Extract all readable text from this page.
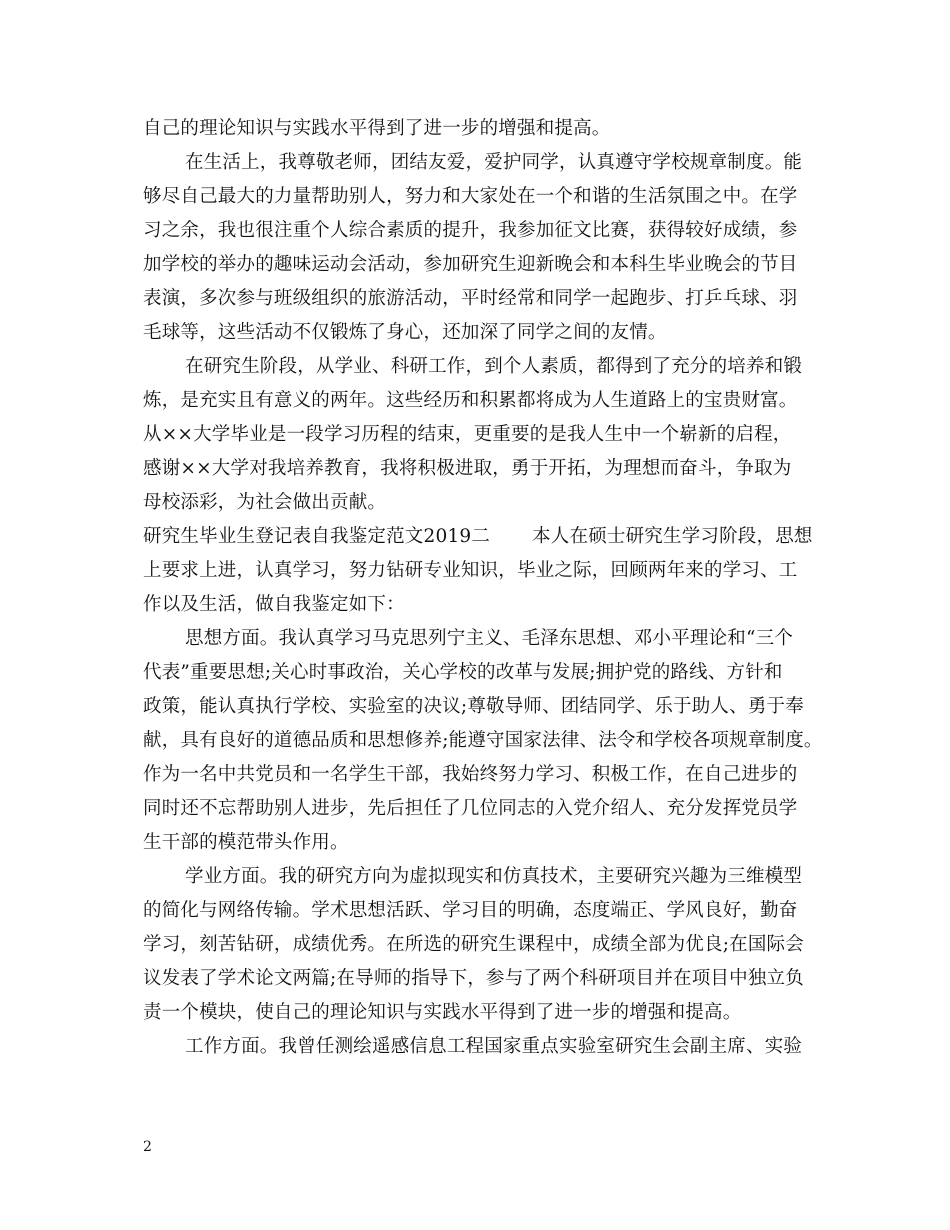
自己的理论知识与实践水平得到了进一步的增强和提高。
在生活上，我尊敬老师，团结友爱，爱护同学，认真遵守学校规章制度。能
够尽自己最大的力量帮助别人，努力和大家处在一个和谐的生活氛围之中。在学
习之余，我也很注重个人综合素质的提升，我参加征文比赛，获得较好成绩，参
加学校的举办的趣味运动会活动，参加研究生迎新晚会和本科生毕业晚会的节目
表演，多次参与班级组织的旅游活动，平时经常和同学一起跑步、打乒乓球、羽
毛球等，这些活动不仅锻炼了身心，还加深了同学之间的友情。
在研究生阶段，从学业、科研工作，到个人素质，都得到了充分的培养和锻
炼，是充实且有意义的两年。这些经历和积累都将成为人生道路上的宝贵财富。
从××大学毕业是一段学习历程的结束，更重要的是我人生中一个崭新的启程，
感谢××大学对我培养教育，我将积极进取，勇于开拓，为理想而奋斗，争取为
母校添彩，为社会做出贡献。
研究生毕业生登记表自我鉴定范文2019二 本人在硕士研究生学习阶段，思想
上要求上进，认真学习，努力钻研专业知识，毕业之际，回顾两年来的学习、工
作以及生活，做自我鉴定如下：
思想方面。我认真学习马克思列宁主义、毛泽东思想、邓小平理论和“三个
代表”重要思想;关心时事政治，关心学校的改革与发展;拥护党的路线、方针和
政策，能认真执行学校、实验室的决议;尊敬导师、团结同学、乐于助人、勇于奉
献，具有良好的道德品质和思想修养;能遵守国家法律、法令和学校各项规章制度。
作为一名中共党员和一名学生干部，我始终努力学习、积极工作，在自己进步的
同时还不忘帮助别人进步，先后担任了几位同志的入党介绍人、充分发挥党员学
生干部的模范带头作用。
学业方面。我的研究方向为虚拟现实和仿真技术，主要研究兴趣为三维模型
的简化与网络传输。学术思想活跃、学习目的明确，态度端正、学风良好，勤奋
学习，刻苦钻研，成绩优秀。在所选的研究生课程中，成绩全部为优良;在国际会
议发表了学术论文两篇;在导师的指导下，参与了两个科研项目并在项目中独立负
责一个模块，使自己的理论知识与实践水平得到了进一步的增强和提高。
工作方面。我曾任测绘遥感信息工程国家重点实验室研究生会副主席、实验
2
